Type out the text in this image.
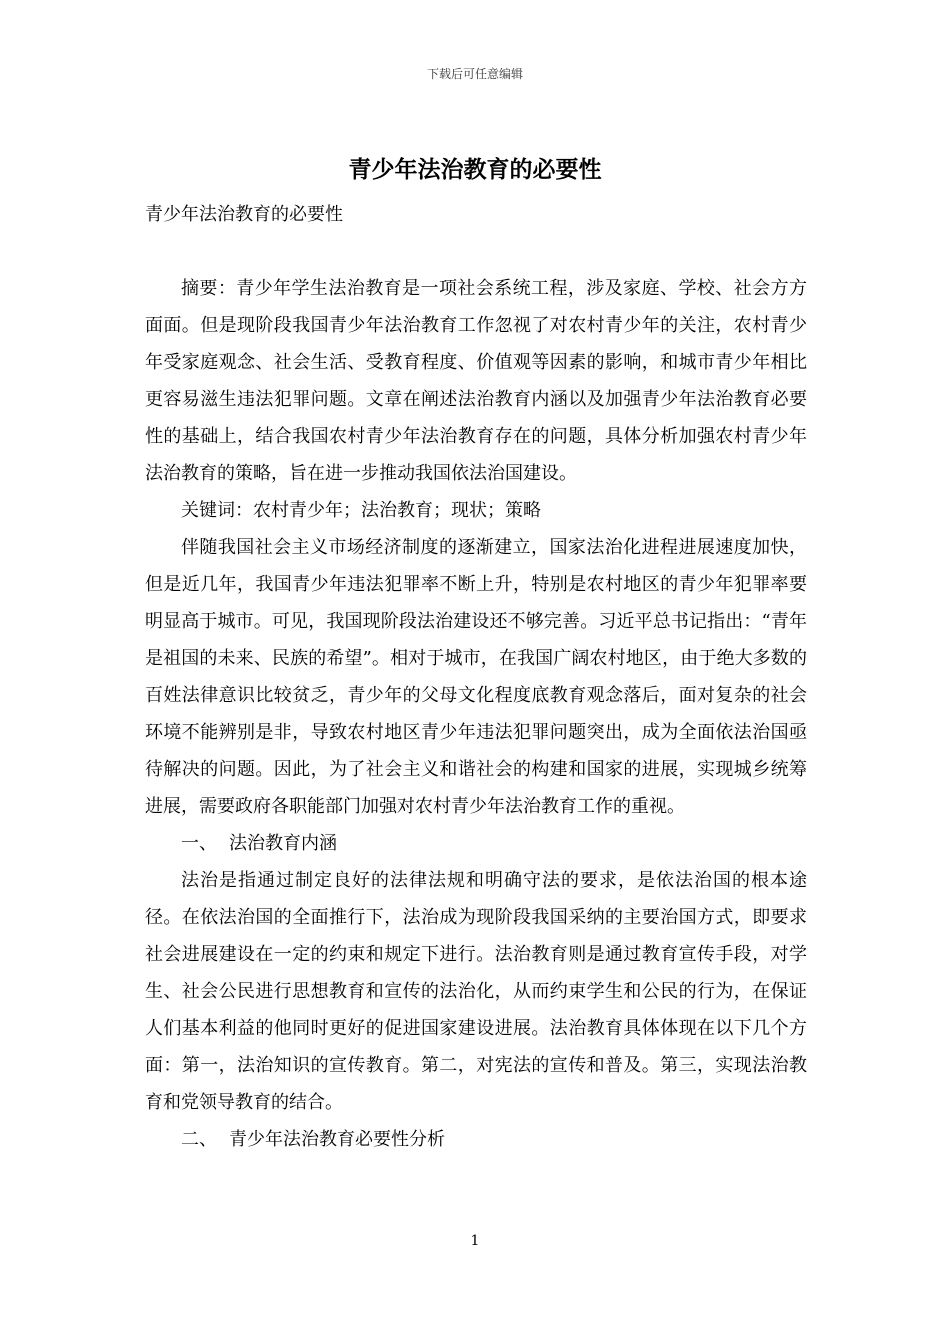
下载后可任意编辑
青少年法治教育的必要性

青少年法治教育的必要性

摘要：青少年学生法治教育是一项社会系统工程，涉及家庭、学校、社会方方面面。但是现阶段我国青少年法治教育工作忽视了对农村青少年的关注，农村青少年受家庭观念、社会生活、受教育程度、价值观等因素的影响，和城市青少年相比更容易滋生违法犯罪问题。文章在阐述法治教育内涵以及加强青少年法治教育必要性的基础上，结合我国农村青少年法治教育存在的问题，具体分析加强农村青少年法治教育的策略，旨在进一步推动我国依法治国建设。

关键词：农村青少年；法治教育；现状；策略

伴随我国社会主义市场经济制度的逐渐建立，国家法治化进程进展速度加快，但是近几年，我国青少年违法犯罪率不断上升，特别是农村地区的青少年犯罪率要明显高于城市。可见，我国现阶段法治建设还不够完善。习近平总书记指出：“青年是祖国的未来、民族的希望”。相对于城市，在我国广阔农村地区，由于绝大多数的百姓法律意识比较贫乏，青少年的父母文化程度底教育观念落后，面对复杂的社会环境不能辨别是非，导致农村地区青少年违法犯罪问题突出，成为全面依法治国亟待解决的问题。因此，为了社会主义和谐社会的构建和国家的进展，实现城乡统筹进展，需要政府各职能部门加强对农村青少年法治教育工作的重视。

一、 法治教育内涵

法治是指通过制定良好的法律法规和明确守法的要求，是依法治国的根本途径。在依法治国的全面推行下，法治成为现阶段我国采纳的主要治国方式，即要求社会进展建设在一定的约束和规定下进行。法治教育则是通过教育宣传手段，对学生、社会公民进行思想教育和宣传的法治化，从而约束学生和公民的行为，在保证人们基本利益的他同时更好的促进国家建设进展。法治教育具体体现在以下几个方面：第一，法治知识的宣传教育。第二，对宪法的宣传和普及。第三，实现法治教育和党领导教育的结合。

二、 青少年法治教育必要性分析

1
